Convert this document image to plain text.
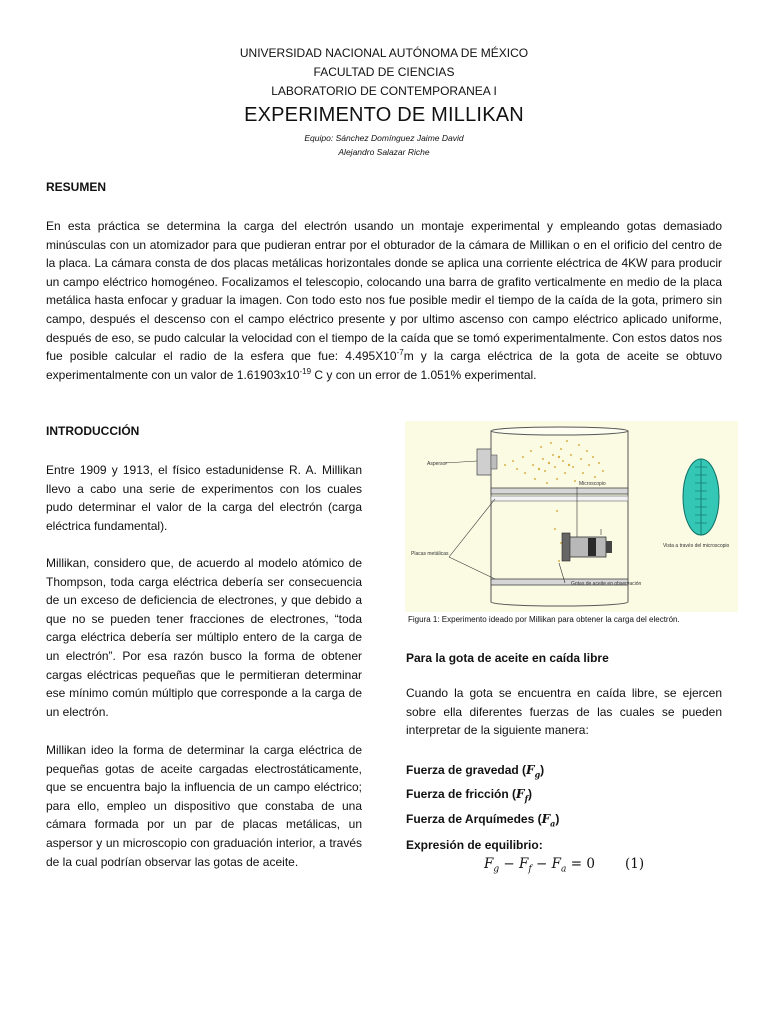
UNIVERSIDAD NACIONAL AUTÓNOMA DE MÉXICO
FACULTAD DE CIENCIAS
LABORATORIO DE CONTEMPORANEA I
EXPERIMENTO DE MILLIKAN
Equipo: Sánchez Domínguez Jaime David
Alejandro Salazar Riche
RESUMEN

En esta práctica se determina la carga del electrón usando un montaje experimental y empleando gotas demasiado minúsculas con un atomizador para que pudieran entrar por el obturador de la cámara de Millikan o en el orificio del centro de la placa. La cámara consta de dos placas metálicas horizontales donde se aplica una corriente eléctrica de 4KW para producir un campo eléctrico homogéneo. Focalizamos el telescopio, colocando una barra de grafito verticalmente en medio de la placa metálica hasta enfocar y graduar la imagen. Con todo esto nos fue posible medir el tiempo de la caída de la gota, primero sin campo, después el descenso con el campo eléctrico presente y por ultimo ascenso con campo eléctrico aplicado uniforme, después de eso, se pudo calcular la velocidad con el tiempo de la caída que se tomó experimentalmente. Con estos datos nos fue posible calcular el radio de la esfera que fue: $4.495X10^{-7}m$ y la carga eléctrica de la gota de aceite se obtuvo experimentalmente con un valor de $1.61903x10^{-19}$ C y con un error de 1.051% experimental.

INTRODUCCIÓN

Entre 1909 y 1913, el físico estadunidense R. A. Millikan llevo a cabo una serie de experimentos con los cuales pudo determinar el valor de la carga del electrón (carga eléctrica fundamental).

Millikan, considero que, de acuerdo al modelo atómico de Thompson, toda carga eléctrica debería ser consecuencia de un exceso de deficiencia de electrones, y que debido a que no se pueden tener fracciones de electrones, “toda carga eléctrica debería ser múltiplo entero de la carga de un electrón”. Por esa razón busco la forma de obtener cargas eléctricas pequeñas que le permitieran determinar ese mínimo común múltiplo que corresponde a la carga de un electrón.

Millikan ideo la forma de determinar la carga eléctrica de pequeñas gotas de aceite cargadas electrostáticamente, que se encuentra bajo la influencia de un campo eléctrico; para ello, empleo un dispositivo que constaba de una cámara formada por un par de placas metálicas, un aspersor y un microscopio con graduación interior, a través de la cual podrían observar las gotas de aceite.

Aspersor
Microscopio
Placas metálicas
Gotas de aceite en observación
Vista a través del microscopio
Figura 1: Experimento ideado por Millikan para obtener la carga del electrón.
Para la gota de aceite en caída libre

Cuando la gota se encuentra en caída libre, se ejercen sobre ella diferentes fuerzas de las cuales se pueden interpretar de la siguiente manera:

Fuerza de gravedad $(F_g)$
Fuerza de fricción $(F_f)$
Fuerza de Arquímedes $(F_a)$
Expresión de equilibrio:
$F_g - F_f - F_a = 0$ (1)
